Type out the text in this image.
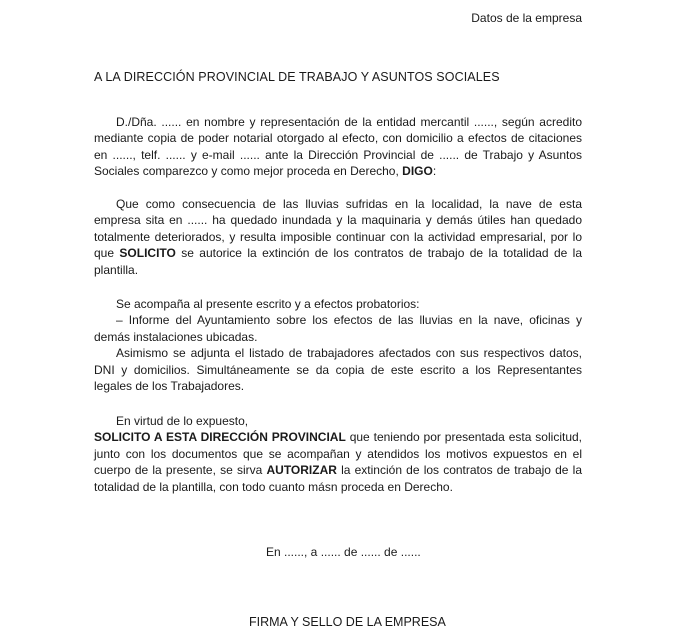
Datos de la empresa
A LA DIRECCIÓN PROVINCIAL DE TRABAJO Y ASUNTOS SOCIALES

D./Dña. ...... en nombre y representación de la entidad mercantil ......, según acredito mediante copia de poder notarial otorgado al efecto, con domicilio a efectos de citaciones en ......, telf. ...... y e-mail ...... ante la Dirección Provincial de ...... de Trabajo y Asuntos Sociales comparezco y como mejor proceda en Derecho, DIGO:

Que como consecuencia de las lluvias sufridas en la localidad, la nave de esta empresa sita en ...... ha quedado inundada y la maquinaria y demás útiles han quedado totalmente deteriorados, y resulta imposible continuar con la actividad empresarial, por lo que SOLICITO se autorice la extinción de los contratos de trabajo de la totalidad de la plantilla.

Se acompaña al presente escrito y a efectos probatorios:

– Informe del Ayuntamiento sobre los efectos de las lluvias en la nave, oficinas y demás instalaciones ubicadas.

Asimismo se adjunta el listado de trabajadores afectados con sus respectivos datos, DNI y domicilios. Simultáneamente se da copia de este escrito a los Representantes legales de los Trabajadores.

En virtud de lo expuesto,

SOLICITO A ESTA DIRECCIÓN PROVINCIAL que teniendo por presentada esta solicitud, junto con los documentos que se acompañan y atendidos los motivos expuestos en el cuerpo de la presente, se sirva AUTORIZAR la extinción de los contratos de trabajo de la totalidad de la plantilla, con todo cuanto másn proceda en Derecho.

En ......, a ...... de ...... de ......
FIRMA Y SELLO DE LA EMPRESA
